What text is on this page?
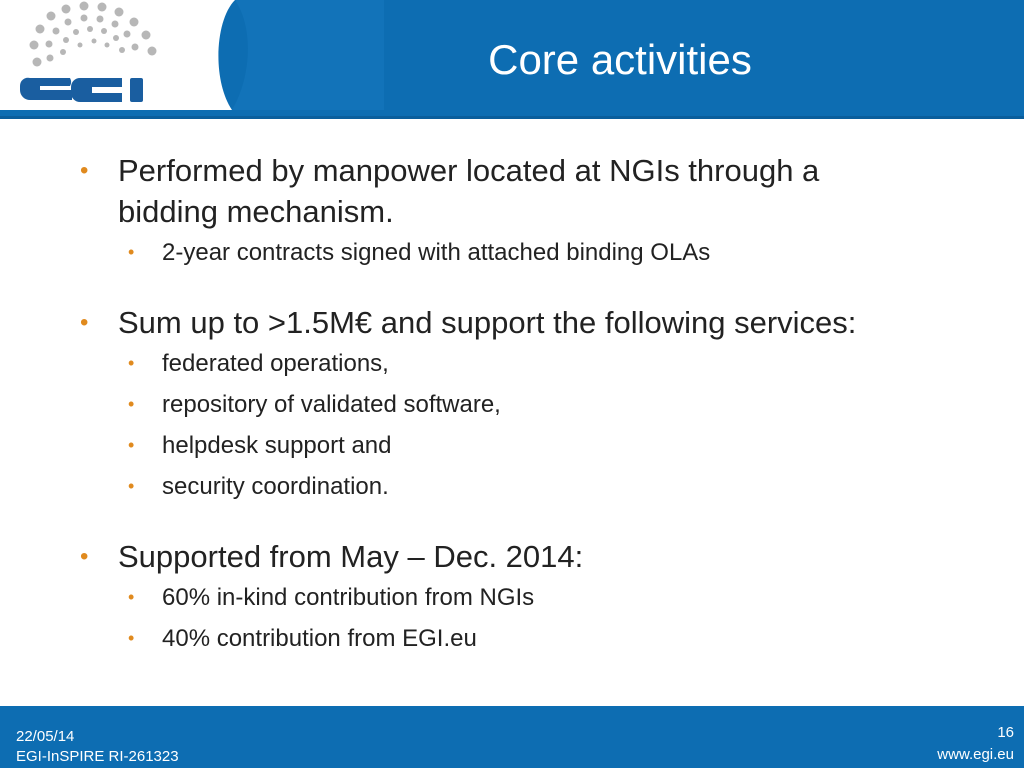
Core activities
• Performed by manpower located at NGIs through a bidding mechanism.
• 2-year contracts signed with attached binding OLAs
• Sum up to >1.5M€ and support the following services:
• federated operations,
• repository of validated software,
• helpdesk support and
• security coordination.
• Supported from May – Dec. 2014:
• 60% in-kind contribution from NGIs
• 40% contribution from EGI.eu
22/05/14
EGI-InSPIRE RI-261323
16
www.egi.eu
